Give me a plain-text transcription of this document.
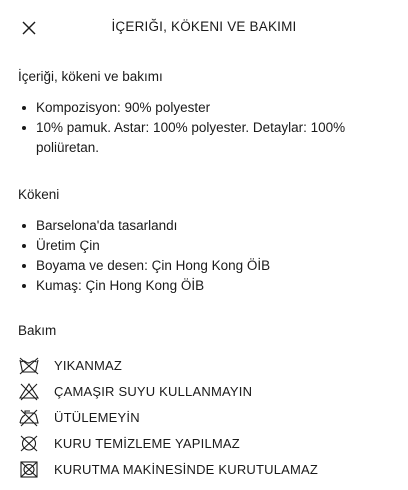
İÇERIĞI, KÖKENI VE BAKIMI
İçeriği, kökeni ve bakımı
Kompozisyon: 90% polyester
10% pamuk. Astar: 100% polyester. Detaylar: 100% poliüretan.
Kökeni
Barselona'da tasarlandı
Üretim Çin
Boyama ve desen: Çin Hong Kong ÖİB
Kumaş: Çin Hong Kong ÖİB
Bakım
YIKANMAZ
ÇAMAŞIR SUYU KULLANMAYIN
ÜTÜLEMEYİN
KURU TEMİZLEME YAPILMAZ
KURUTMA MAKİNESİNDE KURUTULAMAZ
